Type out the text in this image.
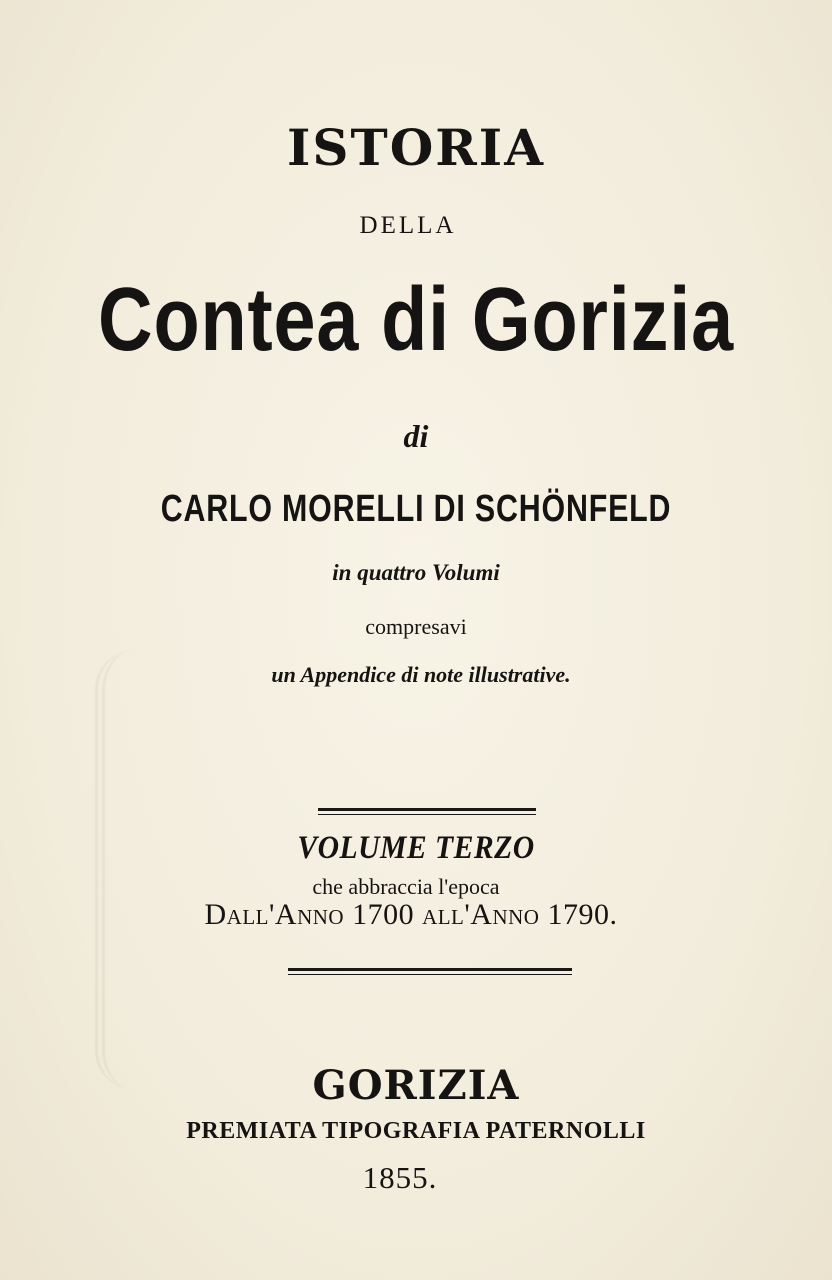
ISTORIA
DELLA
Contea di Gorizia
di
CARLO MORELLI DI SCHÖNFELD
in quattro Volumi
compresavi
un Appendice di note illustrative.
VOLUME TERZO
che abbraccia l'epoca
Dall'Anno 1700 all'Anno 1790.
GORIZIA
PREMIATA TIPOGRAFIA PATERNOLLI
1855.
